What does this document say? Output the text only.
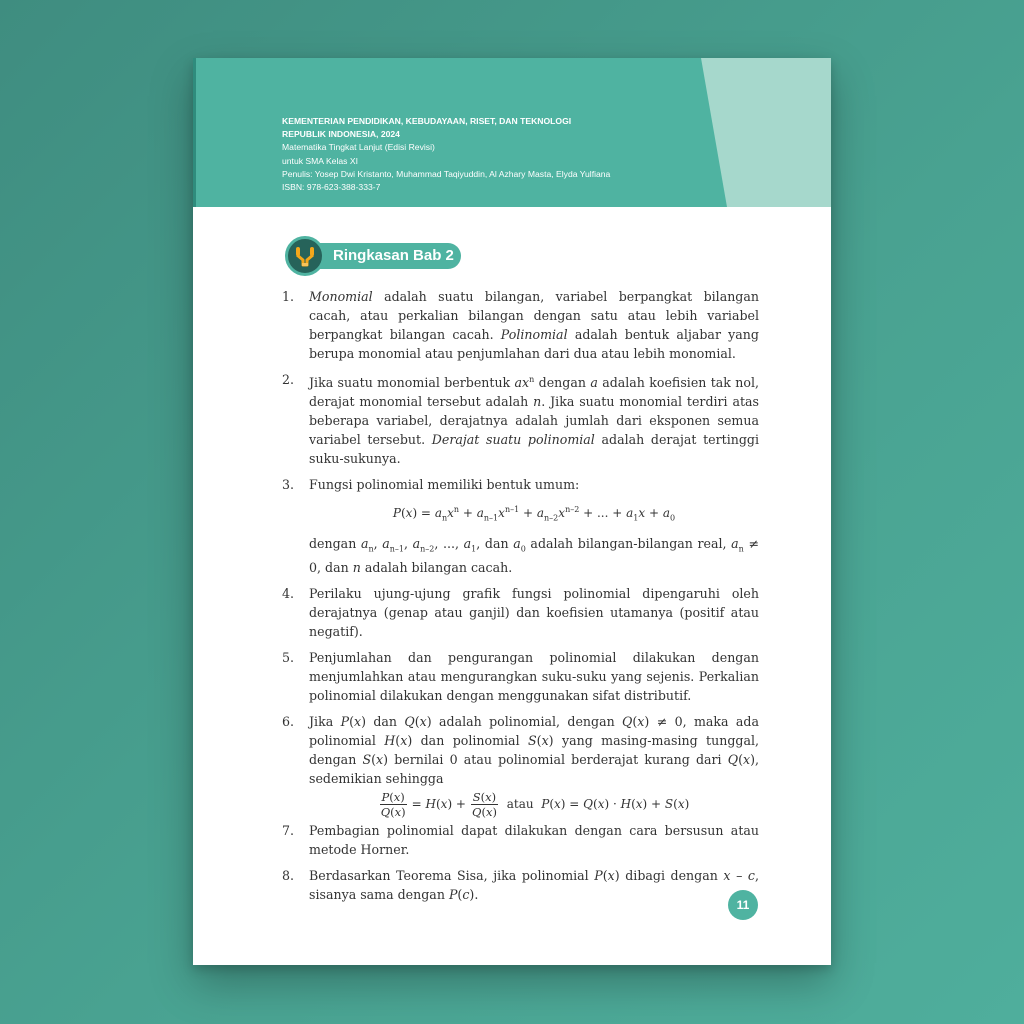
KEMENTERIAN PENDIDIKAN, KEBUDAYAAN, RISET, DAN TEKNOLOGI
REPUBLIK INDONESIA, 2024
Matematika Tingkat Lanjut (Edisi Revisi)
untuk SMA Kelas XI
Penulis: Yosep Dwi Kristanto, Muhammad Taqiyuddin, Al Azhary Masta, Elyda Yulfiana
ISBN: 978-623-388-333-7
Ringkasan Bab 2
1. Monomial adalah suatu bilangan, variabel berpangkat bilangan cacah, atau perkalian bilangan dengan satu atau lebih variabel berpangkat bilangan cacah. Polinomial adalah bentuk aljabar yang berupa monomial atau penjumlahan dari dua atau lebih monomial.

2. Jika suatu monomial berbentuk $ax^n$ dengan a adalah koefisien tak nol, derajat monomial tersebut adalah n. Jika suatu monomial terdiri atas beberapa variabel, derajatnya adalah jumlah dari eksponen semua variabel tersebut. Derajat suatu polinomial adalah derajat tertinggi suku-sukunya.

3. Fungsi polinomial memiliki bentuk umum:

$P(x) = a_nx^n + a_{n-1}x^{n-1} + a_{n-2}x^{n-2}$ + ... + $a_1x + a_0$

dengan $a_n$, $a_{n-1}$, $a_{n-2}$, ..., $a_1$, dan $a_0$ adalah bilangan-bilangan real, $a_n \ne 0$, dan n adalah bilangan cacah.

4. Perilaku ujung-ujung grafik fungsi polinomial dipengaruhi oleh derajatnya (genap atau ganjil) dan koefisien utamanya (positif atau negatif).

5. Penjumlahan dan pengurangan polinomial dilakukan dengan menjumlahkan atau mengurangkan suku-suku yang sejenis. Perkalian polinomial dilakukan dengan menggunakan sifat distributif.

6. Jika P(x) dan Q(x) adalah polinomial, dengan Q(x) ≠ 0, maka ada polinomial H(x) dan polinomial S(x) yang masing-masing tunggal, dengan S(x) bernilai 0 atau polinomial berderajat kurang dari Q(x), sedemikian sehingga

$\frac{P(x)}{Q(x)} = H(x) + \frac{S(x)}{Q(x)}$ atau  P(x) = Q(x) · H(x) + S(x)
7. Pembagian polinomial dapat dilakukan dengan cara bersusun atau metode Horner.

8. Berdasarkan Teorema Sisa, jika polinomial P(x) dibagi dengan x – c, sisanya sama dengan P(c).

11
